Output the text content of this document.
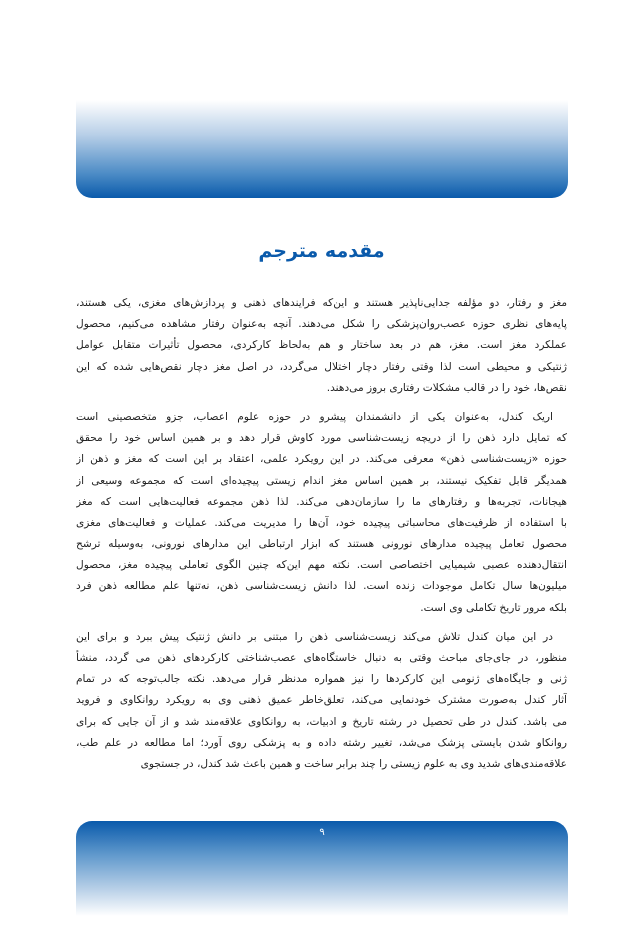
مقدمه مترجم
مغز و رفتار، دو مؤلفه جدایی‌ناپذیر هستند و این‌که فرایندهای ذهنی و پردازش‌های مغزی، یکی هستند،
پایه‌های نظری حوزه عصب‌روان‌پزشکی را شکل می‌دهند. آنچه به‌عنوان رفتار مشاهده می‌کنیم، محصول
عملکرد مغز است. مغز، هم در بعد ساختار و هم به‌لحاظ کارکردی، محصول تأثیرات متقابل عوامل
ژنتیکی و محیطی است لذا وقتی رفتار دچار اختلال می‌گردد، در اصل مغز دچار نقص‌هایی شده که این
نقص‌ها، خود را در قالب مشکلات رفتاری بروز می‌دهند.
اریک کندل، به‌عنوان یکی از دانشمندان پیشرو در حوزه علوم اعصاب، جزو متخصصینی است
که تمایل دارد ذهن را از دریچه زیست‌شناسی مورد کاوش قرار دهد و بر همین اساس خود را محقق
حوزه «زیست‌شناسی ذهن» معرفی می‌کند. در این رویکرد علمی، اعتقاد بر این است که مغز و ذهن از
همدیگر قابل تفکیک نیستند، بر همین اساس مغز اندام زیستی پیچیده‌ای است که مجموعه وسیعی از
هیجانات، تجربه‌ها و رفتارهای ما را سازمان‌دهی می‌کند. لذا ذهن مجموعه فعالیت‌هایی است که مغز
با استفاده از ظرفیت‌های محاسباتی پیچیده خود، آن‌ها را مدیریت می‌کند. عملیات و فعالیت‌های مغزی
محصول تعامل پیچیده مدارهای نورونی هستند که ابزار ارتباطی این مدارهای نورونی، به‌وسیله ترشح
انتقال‌دهنده عصبی شیمیایی اختصاصی است. نکته مهم این‌که چنین الگوی تعاملی پیچیده مغز، محصول
میلیون‌ها سال تکامل موجودات زنده است. لذا دانش زیست‌شناسی ذهن، نه‌تنها علم مطالعه ذهن فرد
بلکه مرور تاریخ تکاملی وی است.
در این میان کندل تلاش می‌کند زیست‌شناسی ذهن را مبتنی بر دانش ژنتیک پیش ببرد و برای این
منظور، در جای‌جای مباحث وقتی به دنبال خاستگاه‌های عصب‌شناختی کارکردهای ذهن می گردد، منشأ
ژنی و جایگاه‌های ژنومی این کارکردها را نیز همواره مدنظر قرار می‌دهد. نکته جالب‌توجه که در تمام
آثار کندل به‌صورت مشترک خودنمایی می‌کند، تعلق‌خاطر عمیق ذهنی وی به رویکرد روانکاوی و فروید
می باشد. کندل در طی تحصیل در رشته تاریخ و ادبیات، به روانکاوی علاقه‌مند شد و از آن جایی که برای
روانکاو شدن بایستی پزشک می‌شد، تغییر رشته داده و به پزشکی روی آورد؛ اما مطالعه در علم طب،
علاقه‌مندی‌های شدید وی به علوم زیستی را چند برابر ساخت و همین باعث شد کندل، در جستجوی
۹
